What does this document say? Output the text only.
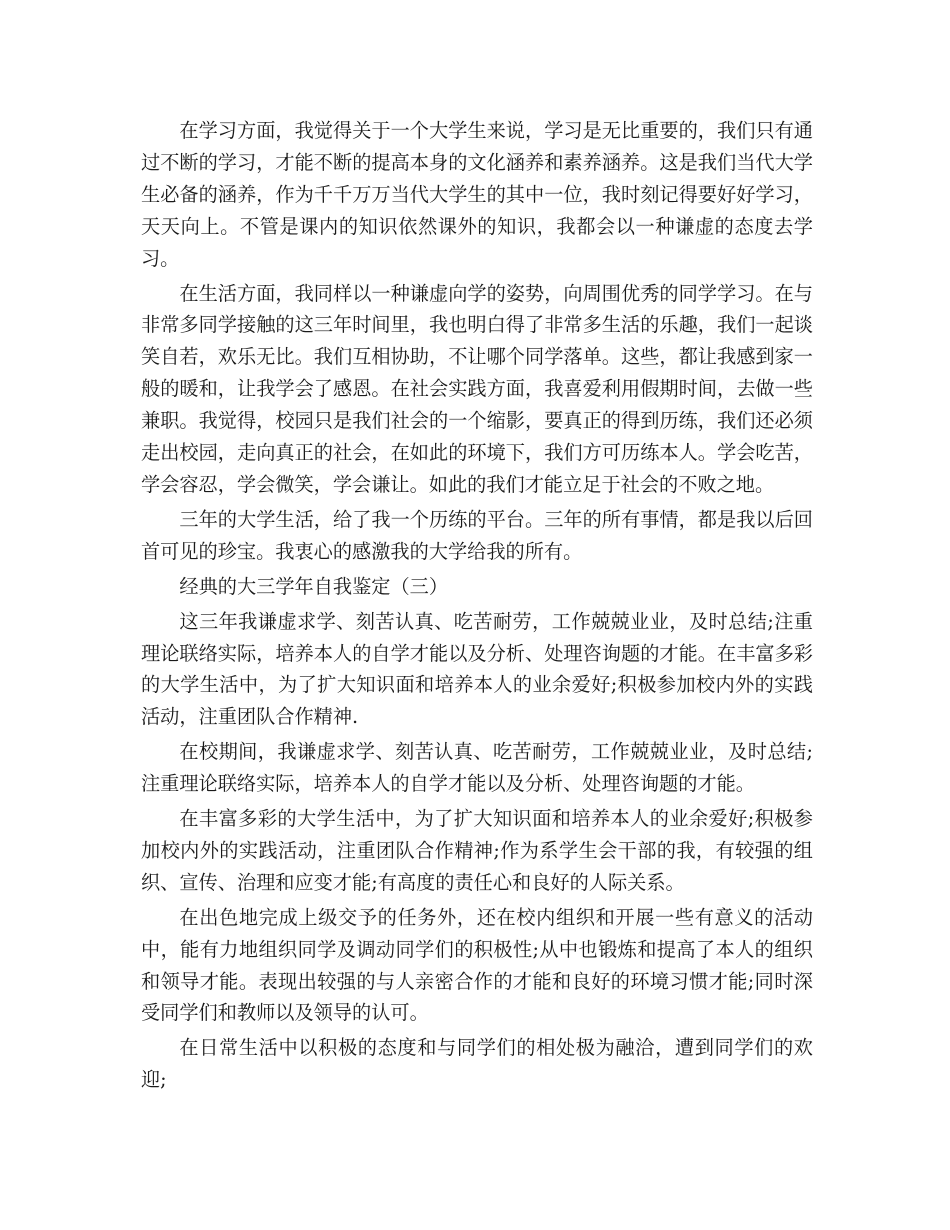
在学习方面，我觉得关于一个大学生来说，学习是无比重要的，我们只有通过不断的学习，才能不断的提高本身的文化涵养和素养涵养。这是我们当代大学生必备的涵养，作为千千万万当代大学生的其中一位，我时刻记得要好好学习，天天向上。不管是课内的知识依然课外的知识，我都会以一种谦虚的态度去学习。

在生活方面，我同样以一种谦虚向学的姿势，向周围优秀的同学学习。在与非常多同学接触的这三年时间里，我也明白得了非常多生活的乐趣，我们一起谈笑自若，欢乐无比。我们互相协助，不让哪个同学落单。这些，都让我感到家一般的暖和，让我学会了感恩。在社会实践方面，我喜爱利用假期时间，去做一些兼职。我觉得，校园只是我们社会的一个缩影，要真正的得到历练，我们还必须走出校园，走向真正的社会，在如此的环境下，我们方可历练本人。学会吃苦，学会容忍，学会微笑，学会谦让。如此的我们才能立足于社会的不败之地。

三年的大学生活，给了我一个历练的平台。三年的所有事情，都是我以后回首可见的珍宝。我衷心的感激我的大学给我的所有。

经典的大三学年自我鉴定（三）

这三年我谦虚求学、刻苦认真、吃苦耐劳，工作兢兢业业，及时总结;注重理论联络实际，培养本人的自学才能以及分析、处理咨询题的才能。在丰富多彩的大学生活中，为了扩大知识面和培养本人的业余爱好;积极参加校内外的实践活动，注重团队合作精神.

在校期间，我谦虚求学、刻苦认真、吃苦耐劳，工作兢兢业业，及时总结;注重理论联络实际，培养本人的自学才能以及分析、处理咨询题的才能。

在丰富多彩的大学生活中，为了扩大知识面和培养本人的业余爱好;积极参加校内外的实践活动，注重团队合作精神;作为系学生会干部的我，有较强的组织、宣传、治理和应变才能;有高度的责任心和良好的人际关系。

在出色地完成上级交予的任务外，还在校内组织和开展一些有意义的活动中，能有力地组织同学及调动同学们的积极性;从中也锻炼和提高了本人的组织和领导才能。表现出较强的与人亲密合作的才能和良好的环境习惯才能;同时深受同学们和教师以及领导的认可。

在日常生活中以积极的态度和与同学们的相处极为融洽，遭到同学们的欢迎;
